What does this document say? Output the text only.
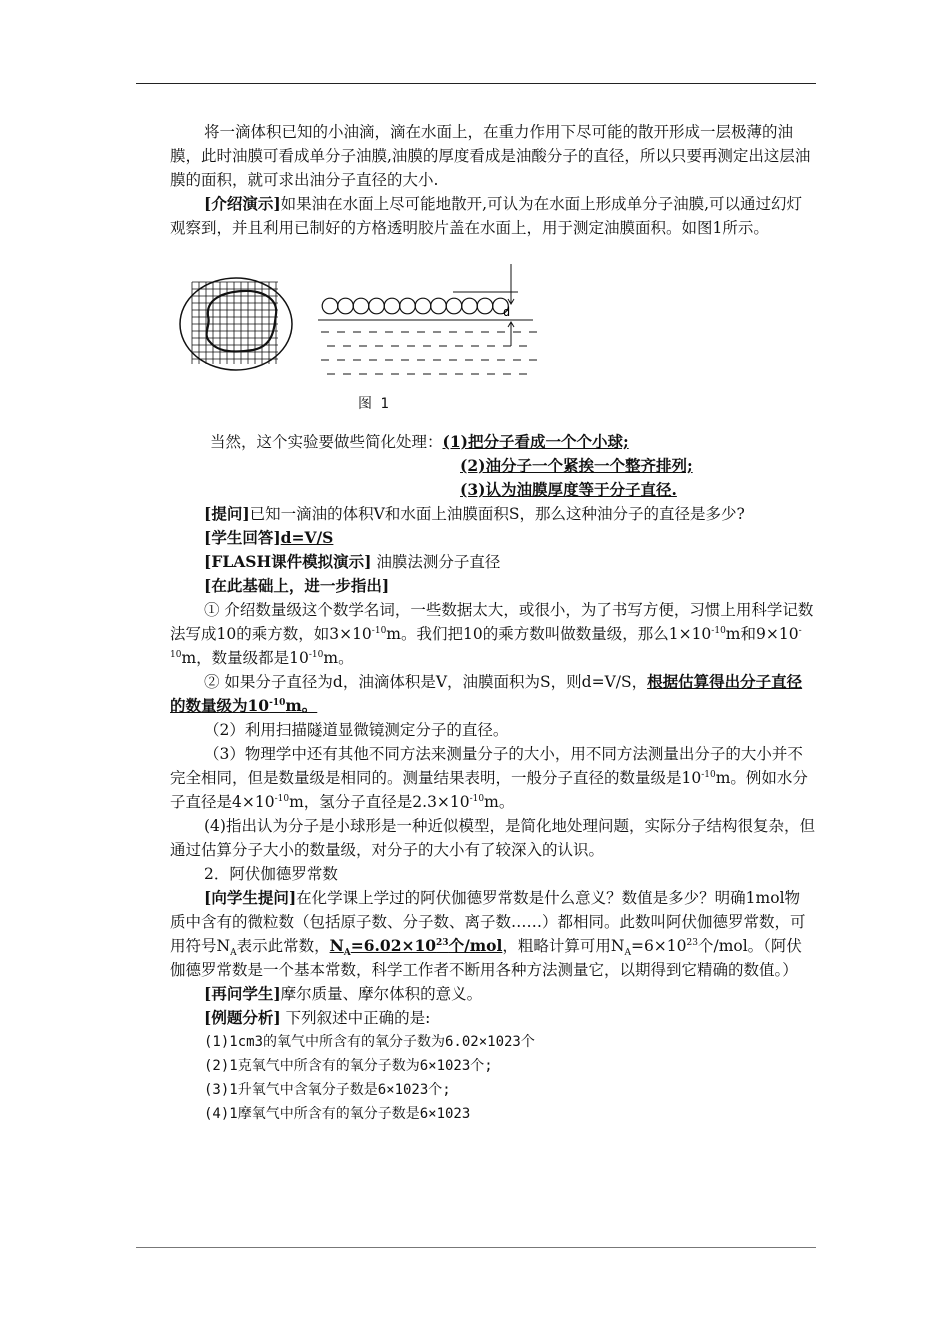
将一滴体积已知的小油滴，滴在水面上，在重力作用下尽可能的散开形成一层极薄的油膜，此时油膜可看成单分子油膜,油膜的厚度看成是油酸分子的直径，所以只要再测定出这层油膜的面积，就可求出油分子直径的大小.

[介绍演示]如果油在水面上尽可能地散开,可认为在水面上形成单分子油膜,可以通过幻灯观察到，并且利用已制好的方格透明胶片盖在水面上，用于测定油膜面积。如图1所示。

d
图 1

当然，这个实验要做些简化处理：(1)把分子看成一个个小球;

(2)油分子一个紧挨一个整齐排列;

(3)认为油膜厚度等于分子直径.

[提问]已知一滴油的体积V和水面上油膜面积S，那么这种油分子的直径是多少?

[学生回答]d=V/S

[FLASH课件模拟演示] 油膜法测分子直径

[在此基础上，进一步指出]

① 介绍数量级这个数学名词，一些数据太大，或很小，为了书写方便，习惯上用科学记数法写成10的乘方数，如$3\times 10^{-10}m$。我们把10的乘方数叫做数量级，那么$1\times 10^{-10}m$和$9\times 10^{-10}m$，数量级都是$10^{-10}m$。

② 如果分子直径为d，油滴体积是V，油膜面积为S，则d=V/S，根据估算得出分子直径的数量级为$10^{-10}m$。

（2）利用扫描隧道显微镜测定分子的直径。

（3）物理学中还有其他不同方法来测量分子的大小，用不同方法测量出分子的大小并不完全相同，但是数量级是相同的。测量结果表明，一般分子直径的数量级是$10^{-10}m$。例如水分子直径是$4\times 10^{-10}m$，氢分子直径是$2.3\times 10^{-10}m$。

(4)指出认为分子是小球形是一种近似模型，是简化地处理问题，实际分子结构很复杂，但通过估算分子大小的数量级，对分子的大小有了较深入的认识。

2．阿伏伽德罗常数

[向学生提问]在化学课上学过的阿伏伽德罗常数是什么意义？数值是多少？明确1mol物质中含有的微粒数（包括原子数、分子数、离子数……）都相同。此数叫阿伏伽德罗常数，可用符号$N_A$表示此常数，$N_A=6.02\times 10^{23}$个/mol，粗略计算可用$N_A=6\times 10^{23}$个/mol。（阿伏伽德罗常数是一个基本常数，科学工作者不断用各种方法测量它，以期得到它精确的数值。）

[再问学生]摩尔质量、摩尔体积的意义。

[例题分析] 下列叙述中正确的是:

(1)1cm3的氧气中所含有的氧分子数为6.02×1023个

(2)1克氧气中所含有的氧分子数为6×1023个;

(3)1升氧气中含氧分子数是6×1023个;

(4)1摩氧气中所含有的氧分子数是6×1023
